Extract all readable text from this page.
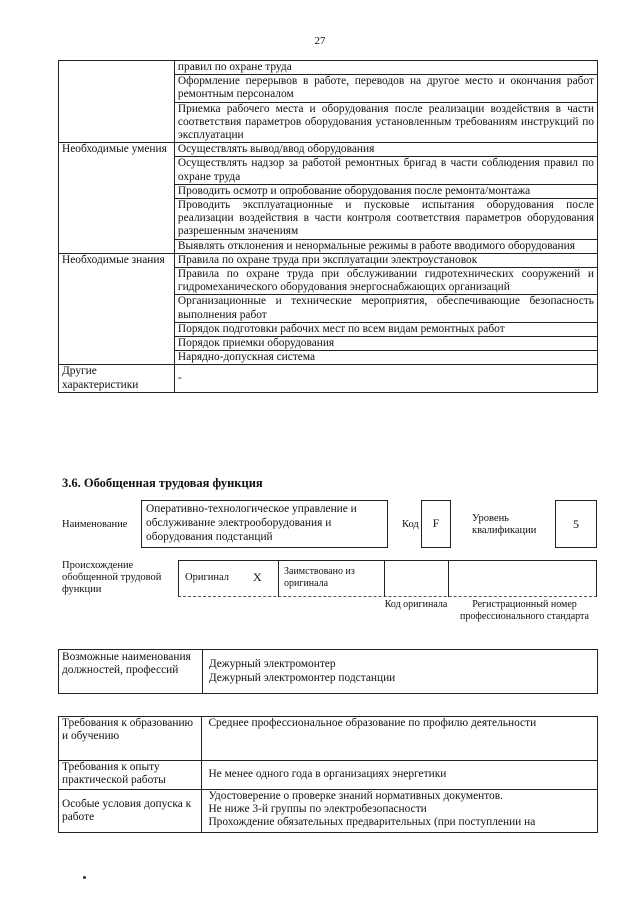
27
	правил по охране труда
	Оформление перерывов в работе, переводов на другое место и окончания работ ремонтным персоналом
	Приемка рабочего места и оборудования после реализации воздействия в части соответствия параметров оборудования установленным требованиям инструкций по эксплуатации
Необходимые умения	Осуществлять вывод/ввод оборудования
	Осуществлять надзор за работой ремонтных бригад в части соблюдения правил по охране труда
	Проводить осмотр и опробование оборудования после ремонта/монтажа
	Проводить эксплуатационные и пусковые испытания оборудования после реализации воздействия в части контроля соответствия параметров оборудования разрешенным значениям
	Выявлять отклонения и ненормальные режимы в работе вводимого оборудования
Необходимые знания	Правила по охране труда при эксплуатации электроустановок
	Правила по охране труда при обслуживании гидротехнических сооружений и гидромеханического оборудования энергоснабжающих организаций
	Организационные и технические мероприятия, обеспечивающие безопасность выполнения работ
	Порядок подготовки рабочих мест по всем видам ремонтных работ
	Порядок приемки оборудования
	Нарядно-допускная система
Другие характеристики	-
3.6. Обобщенная трудовая функция
Наименование
Оперативно-технологическое управление и обслуживание электрооборудования и оборудования подстанций
Код	F	Уровень квалификации	5
Происхождение обобщенной трудовой функции
Оригинал X Заимствовано из оригинала
Код оригинала	Регистрационный номер профессионального стандарта
Возможные наименования должностей, профессий	Дежурный электромонтер
Дежурный электромонтер подстанции
Требования к образованию и обучению	Среднее профессиональное образование по профилю деятельности
Требования к опыту практической работы	Не менее одного года в организациях энергетики
Особые условия допуска к работе	Удостоверение о проверке знаний нормативных документов.
Не ниже 3-й группы по электробезопасности
Прохождение обязательных предварительных (при поступлении на
